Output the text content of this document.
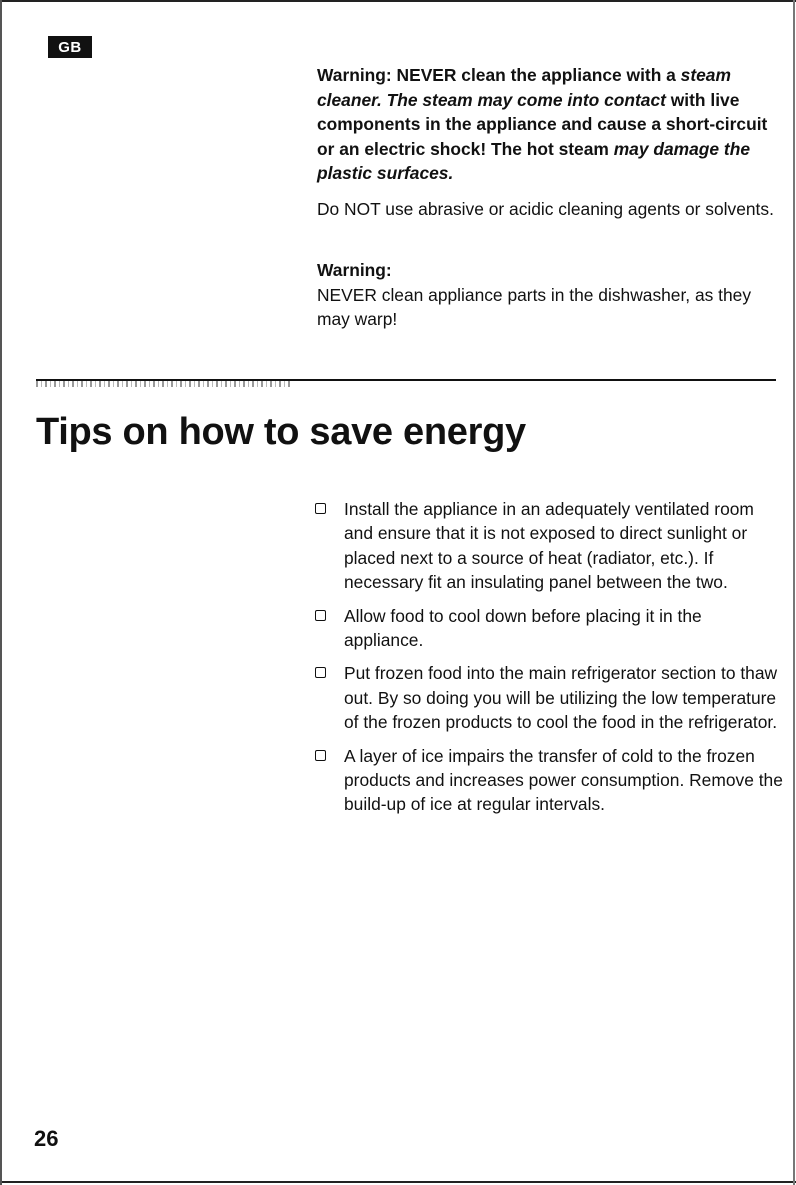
GB
Warning: NEVER clean the appliance with a steam cleaner. The steam may come into contact with live components in the appliance and cause a short-circuit or an electric shock! The hot steam may damage the plastic surfaces.
Do NOT use abrasive or acidic cleaning agents or solvents.
Warning:
NEVER clean appliance parts in the dishwasher, as they may warp!
Tips on how to save energy
Install the appliance in an adequately ventilated room and ensure that it is not exposed to direct sunlight or placed next to a source of heat (radiator, etc.). If necessary fit an insulating panel between the two.
Allow food to cool down before placing it in the appliance.
Put frozen food into the main refrigerator section to thaw out. By so doing you will be utilizing the low temperature of the frozen products to cool the food in the refrigerator.
A layer of ice impairs the transfer of cold to the frozen products and increases power consumption. Remove the build-up of ice at regular intervals.
26
